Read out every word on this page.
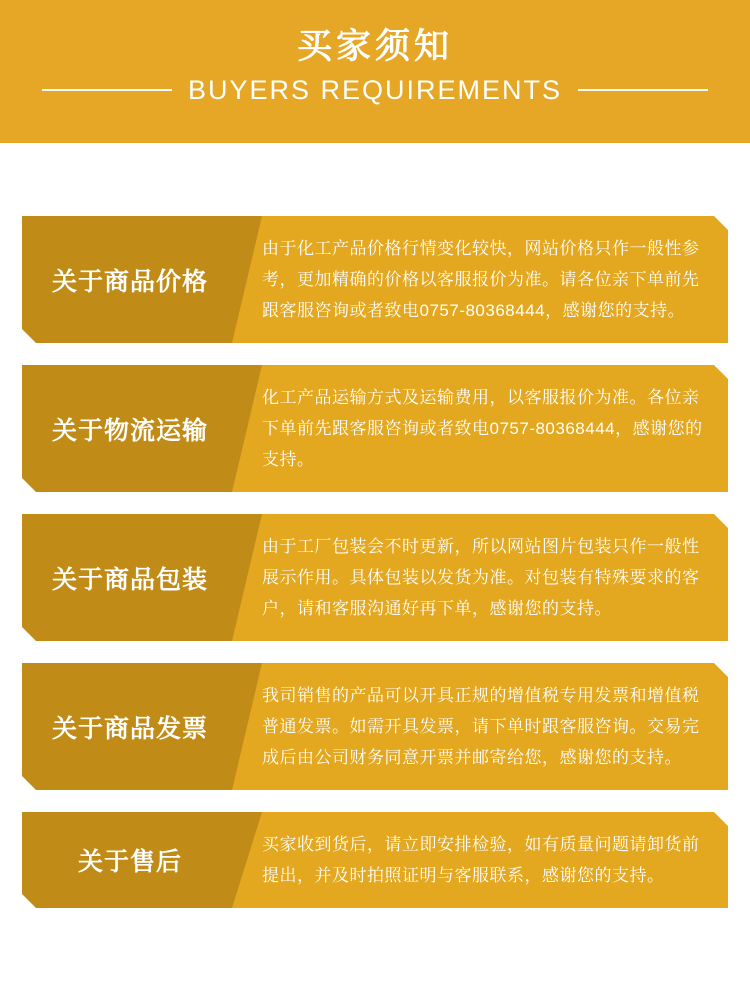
买家须知
BUYERS REQUIREMENTS
关于商品价格
由于化工产品价格行情变化较快，网站价格只作一般性参考，更加精确的价格以客服报价为准。请各位亲下单前先跟客服咨询或者致电0757-80368444，感谢您的支持。
关于物流运输
化工产品运输方式及运输费用，以客服报价为准。各位亲下单前先跟客服咨询或者致电0757-80368444，感谢您的支持。
关于商品包装
由于工厂包装会不时更新，所以网站图片包装只作一般性展示作用。具体包装以发货为准。对包装有特殊要求的客户，请和客服沟通好再下单，感谢您的支持。
关于商品发票
我司销售的产品可以开具正规的增值税专用发票和增值税普通发票。如需开具发票，请下单时跟客服咨询。交易完成后由公司财务同意开票并邮寄给您，感谢您的支持。
关于售后
买家收到货后，请立即安排检验，如有质量问题请卸货前提出，并及时拍照证明与客服联系，感谢您的支持。
